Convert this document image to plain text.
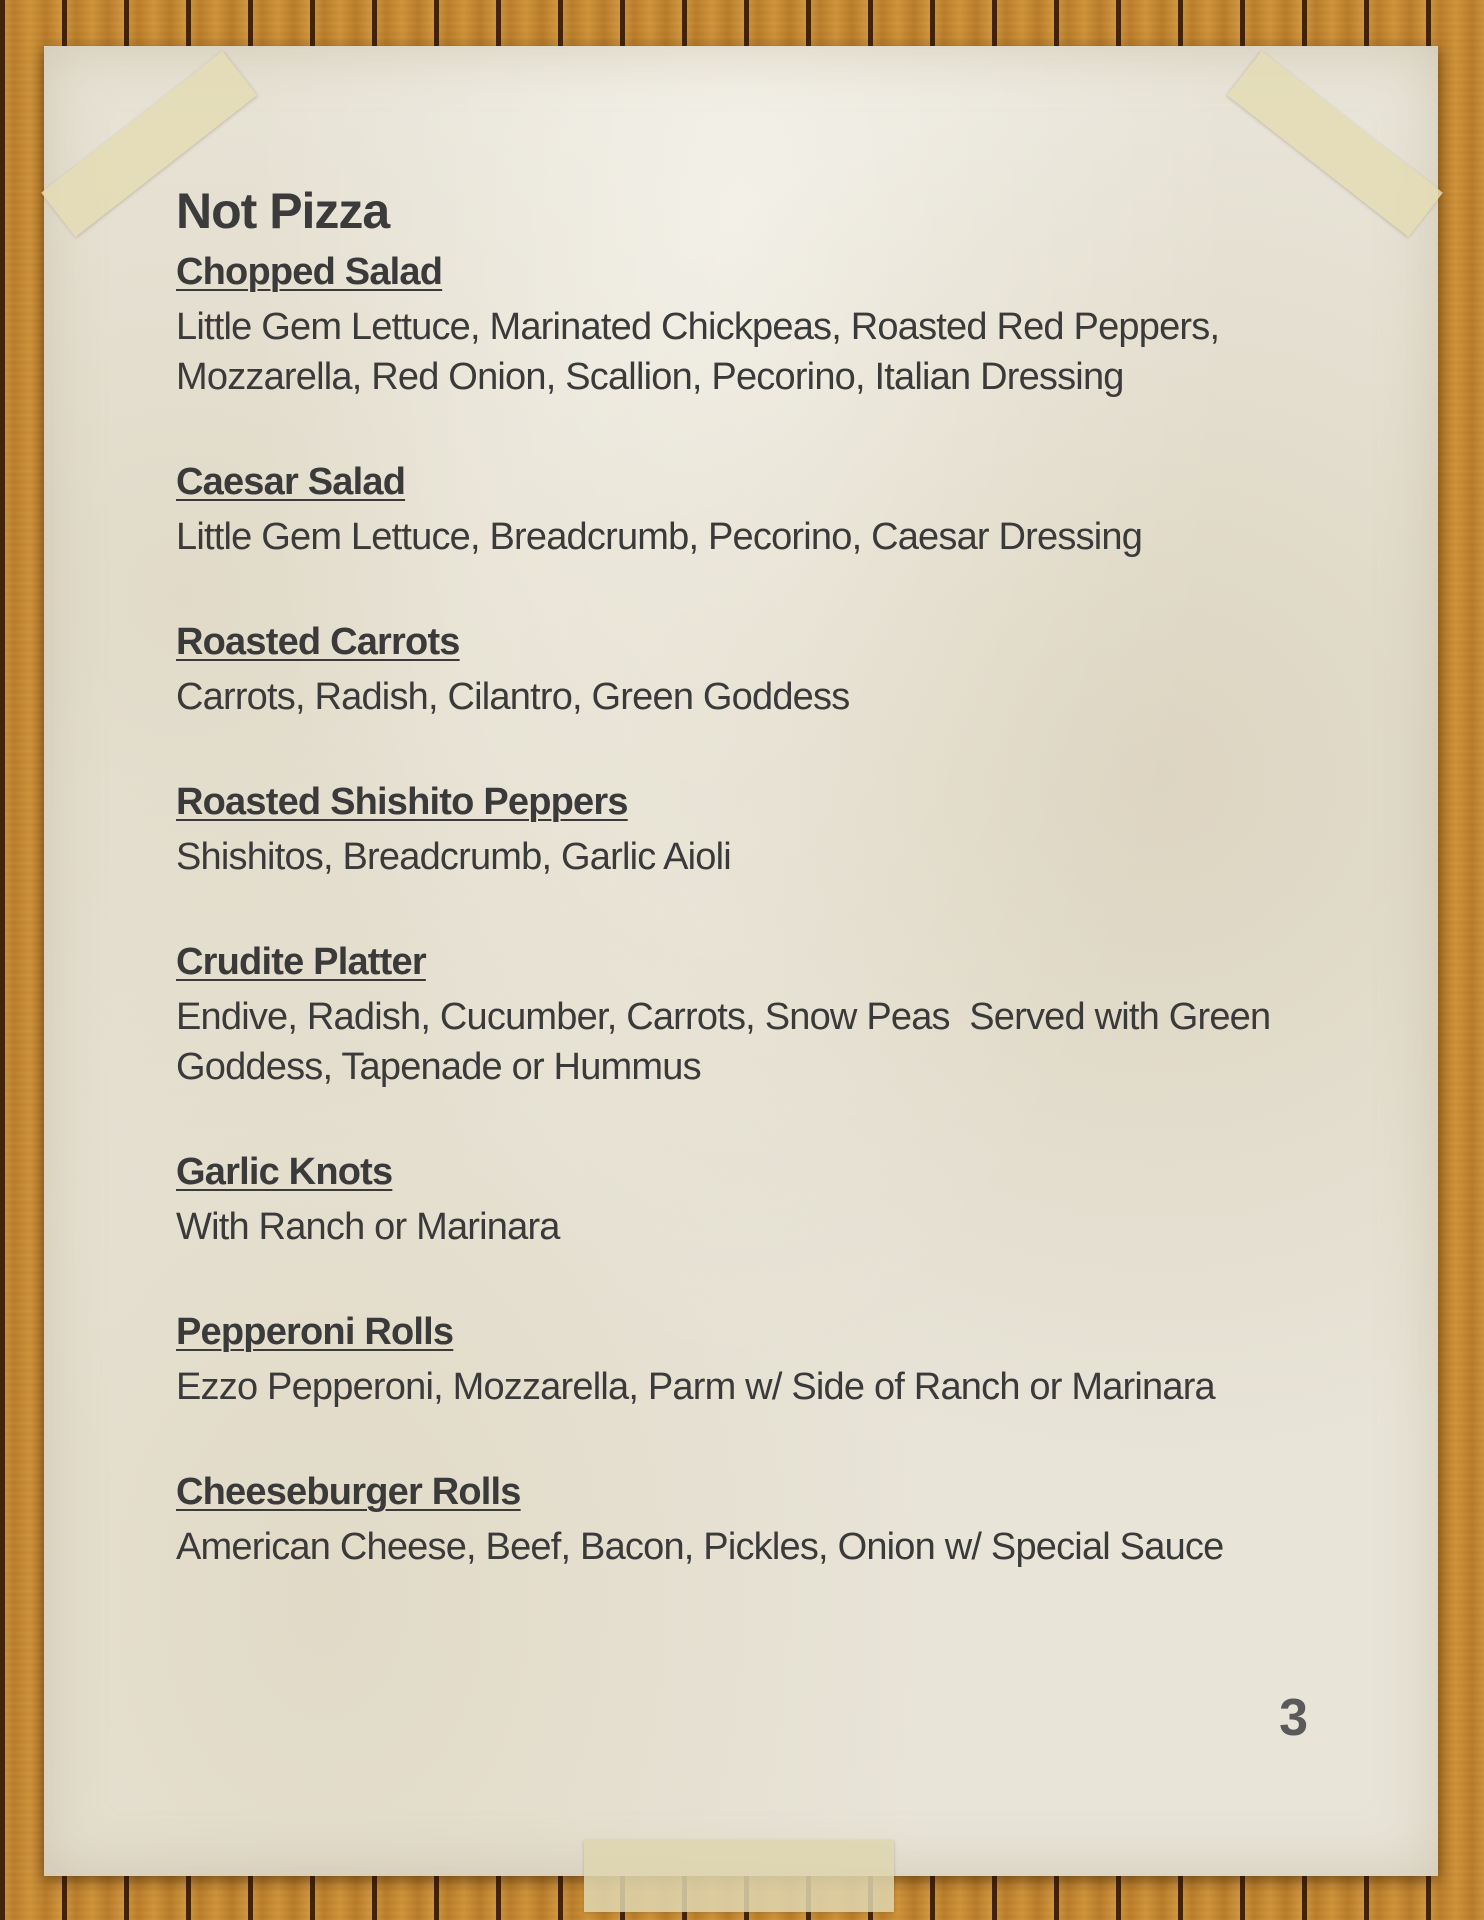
Not Pizza
Chopped Salad

Little Gem Lettuce, Marinated Chickpeas, Roasted Red Peppers, Mozzarella, Red Onion, Scallion, Pecorino, Italian Dressing

Caesar Salad

Little Gem Lettuce, Breadcrumb, Pecorino, Caesar Dressing

Roasted Carrots

Carrots, Radish, Cilantro, Green Goddess

Roasted Shishito Peppers

Shishitos, Breadcrumb, Garlic Aioli

Crudite Platter

Endive, Radish, Cucumber, Carrots, Snow Peas  Served with Green Goddess, Tapenade or Hummus

Garlic Knots

With Ranch or Marinara

Pepperoni Rolls

Ezzo Pepperoni, Mozzarella, Parm w/ Side of Ranch or Marinara

Cheeseburger Rolls

American Cheese, Beef, Bacon, Pickles, Onion w/ Special Sauce

3
